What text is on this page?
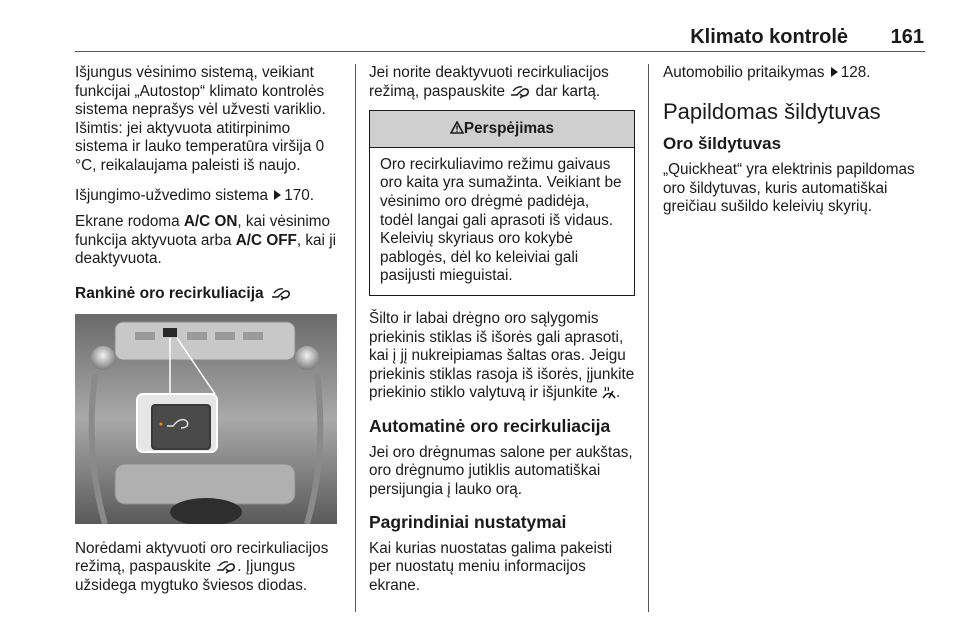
Klimato kontrolė 161

Išjungus vėsinimo sistemą, veikiant funkcijai „Autostop“ klimato kontrolės sistema neprašys vėl užvesti variklio. Išimtis: jei aktyvuota atitirpinimo sistema ir lauko temperatūra viršija 0 °C, reikalaujama paleisti iš naujo.

Išjungimo-užvedimo sistema 170.

Ekrane rodoma A/C ON, kai vėsinimo funkcija aktyvuota arba A/C OFF, kai ji deaktyvuota.

Rankinė oro recirkuliacija

Norėdami aktyvuoti oro recirkuliacijos režimą, paspauskite . Įjungus užsidega mygtuko šviesos diodas.

Jei norite deaktyvuoti recirkuliacijos režimą, paspauskite dar kartą.

Perspėjimas
Oro recirkuliavimo režimu gaivaus oro kaita yra sumažinta. Veikiant be vėsinimo oro drėgmė padidėja, todėl langai gali aprasoti iš vidaus. Keleivių skyriaus oro kokybė pablogės, dėl ko keleiviai gali pasijusti mieguistai.

Šilto ir labai drėgno oro sąlygomis priekinis stiklas iš išorės gali aprasoti, kai į jį nukreipiamas šaltas oras. Jeigu priekinis stiklas rasoja iš išorės, įjunkite priekinio stiklo valytuvą ir išjunkite .

Automatinė oro recirkuliacija

Jei oro drėgnumas salone per aukštas, oro drėgnumo jutiklis automatiškai persijungia į lauko orą.

Pagrindiniai nustatymai

Kai kurias nuostatas galima pakeisti per nuostatų meniu informacijos ekrane.

Automobilio pritaikymas 128.

Papildomas šildytuvas
Oro šildytuvas

„Quickheat“ yra elektrinis papildomas oro šildytuvas, kuris automatiškai greičiau sušildo keleivių skyrių.
